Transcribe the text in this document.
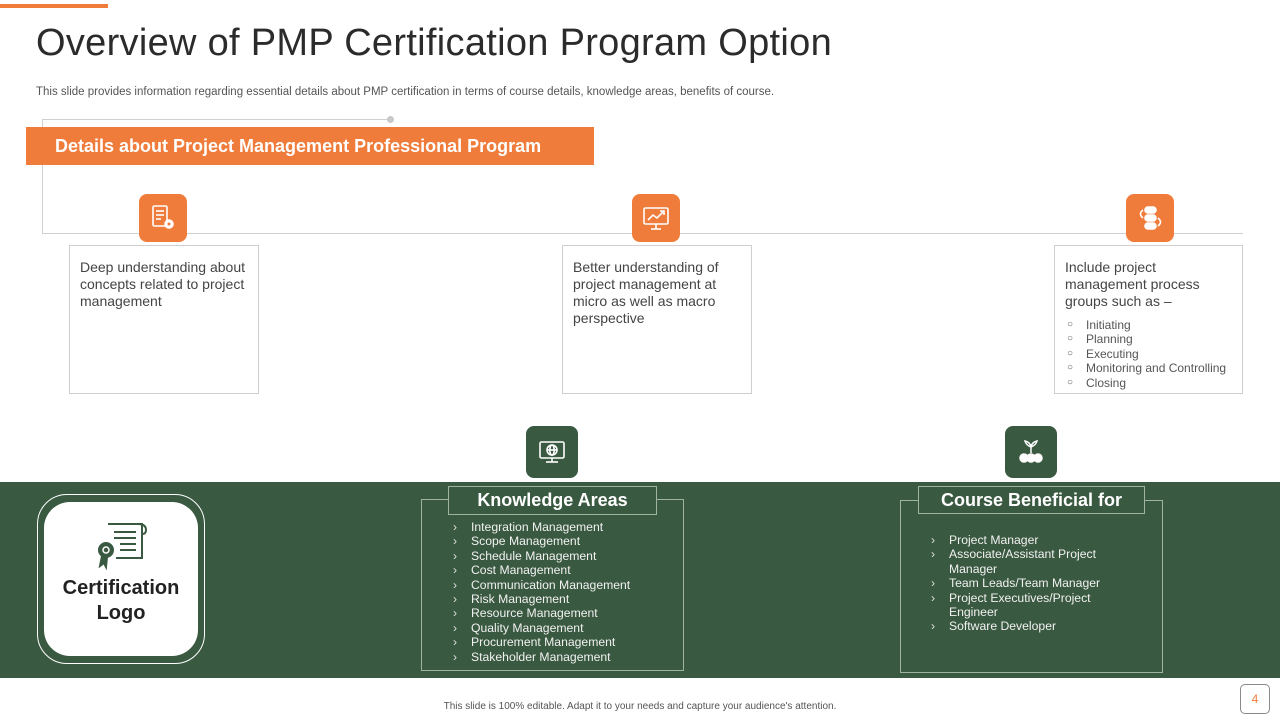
Overview of PMP Certification Program Option

This slide provides information regarding essential details about PMP certification in terms of course details, knowledge areas, benefits of course.

Details about Project Management Professional Program
Deep understanding about concepts related to project management
Better understanding of project management at micro as well as macro perspective
Include project management process groups such as –
○ Initiating
○ Planning
○ Executing
○ Monitoring and Controlling
○ Closing
Certification
Logo
Knowledge Areas
› Integration Management
› Scope Management
› Schedule Management
› Cost Management
› Communication Management
› Risk Management
› Resource Management
› Quality Management
› Procurement Management
› Stakeholder Management
Course Beneficial for
› Project Manager
› Associate/Assistant Project Manager
› Team Leads/Team Manager
› Project Executives/Project Engineer
› Software Developer
This slide is 100% editable. Adapt it to your needs and capture your audience's attention.
4
